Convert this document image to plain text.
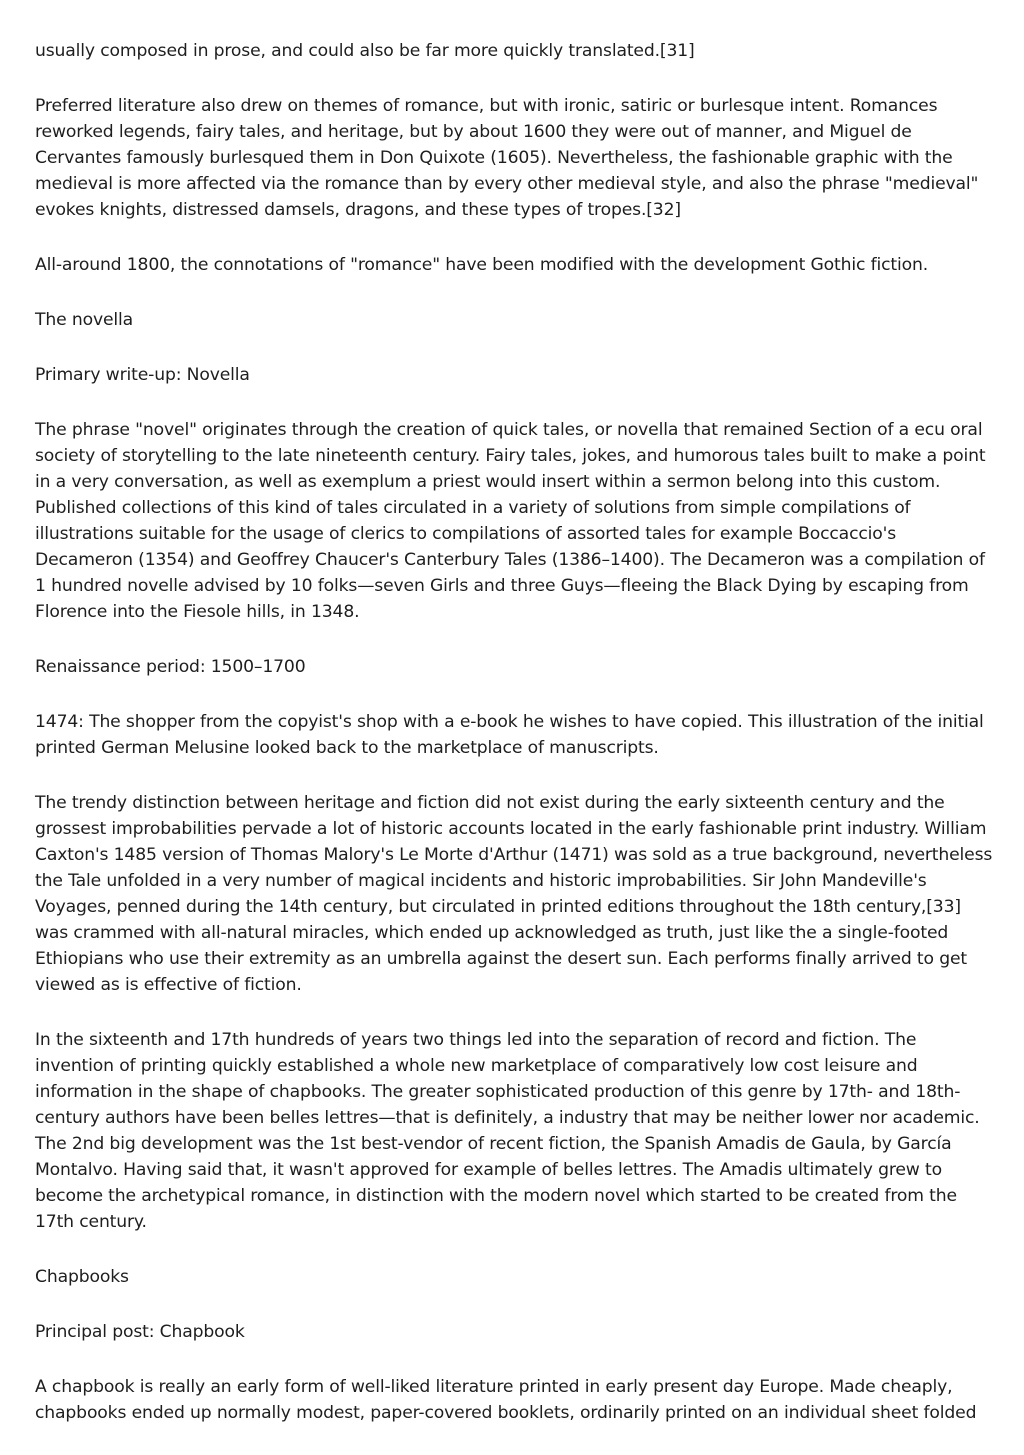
usually composed in prose, and could also be far more quickly translated.[31]

Preferred literature also drew on themes of romance, but with ironic, satiric or burlesque intent. Romances reworked legends, fairy tales, and heritage, but by about 1600 they were out of manner, and Miguel de Cervantes famously burlesqued them in Don Quixote (1605). Nevertheless, the fashionable graphic with the medieval is more affected via the romance than by every other medieval style, and also the phrase "medieval" evokes knights, distressed damsels, dragons, and these types of tropes.[32]

All-around 1800, the connotations of "romance" have been modified with the development Gothic fiction.

The novella

Primary write-up: Novella

The phrase "novel" originates through the creation of quick tales, or novella that remained Section of a ecu oral society of storytelling to the late nineteenth century. Fairy tales, jokes, and humorous tales built to make a point in a very conversation, as well as exemplum a priest would insert within a sermon belong into this custom. Published collections of this kind of tales circulated in a variety of solutions from simple compilations of illustrations suitable for the usage of clerics to compilations of assorted tales for example Boccaccio's Decameron (1354) and Geoffrey Chaucer's Canterbury Tales (1386–1400). The Decameron was a compilation of 1 hundred novelle advised by 10 folks—seven Girls and three Guys—fleeing the Black Dying by escaping from Florence into the Fiesole hills, in 1348.

Renaissance period: 1500–1700

1474: The shopper from the copyist's shop with a e-book he wishes to have copied. This illustration of the initial printed German Melusine looked back to the marketplace of manuscripts.

The trendy distinction between heritage and fiction did not exist during the early sixteenth century and the grossest improbabilities pervade a lot of historic accounts located in the early fashionable print industry. William Caxton's 1485 version of Thomas Malory's Le Morte d'Arthur (1471) was sold as a true background, nevertheless the Tale unfolded in a very number of magical incidents and historic improbabilities. Sir John Mandeville's Voyages, penned during the 14th century, but circulated in printed editions throughout the 18th century,[33] was crammed with all-natural miracles, which ended up acknowledged as truth, just like the a single-footed Ethiopians who use their extremity as an umbrella against the desert sun. Each performs finally arrived to get viewed as is effective of fiction.

In the sixteenth and 17th hundreds of years two things led into the separation of record and fiction. The invention of printing quickly established a whole new marketplace of comparatively low cost leisure and information in the shape of chapbooks. The greater sophisticated production of this genre by 17th- and 18th-century authors have been belles lettres—that is definitely, a industry that may be neither lower nor academic. The 2nd big development was the 1st best-vendor of recent fiction, the Spanish Amadis de Gaula, by García Montalvo. Having said that, it wasn't approved for example of belles lettres. The Amadis ultimately grew to become the archetypical romance, in distinction with the modern novel which started to be created from the 17th century.

Chapbooks

Principal post: Chapbook

A chapbook is really an early form of well-liked literature printed in early present day Europe. Made cheaply, chapbooks ended up normally modest, paper-covered booklets, ordinarily printed on an individual sheet folded
